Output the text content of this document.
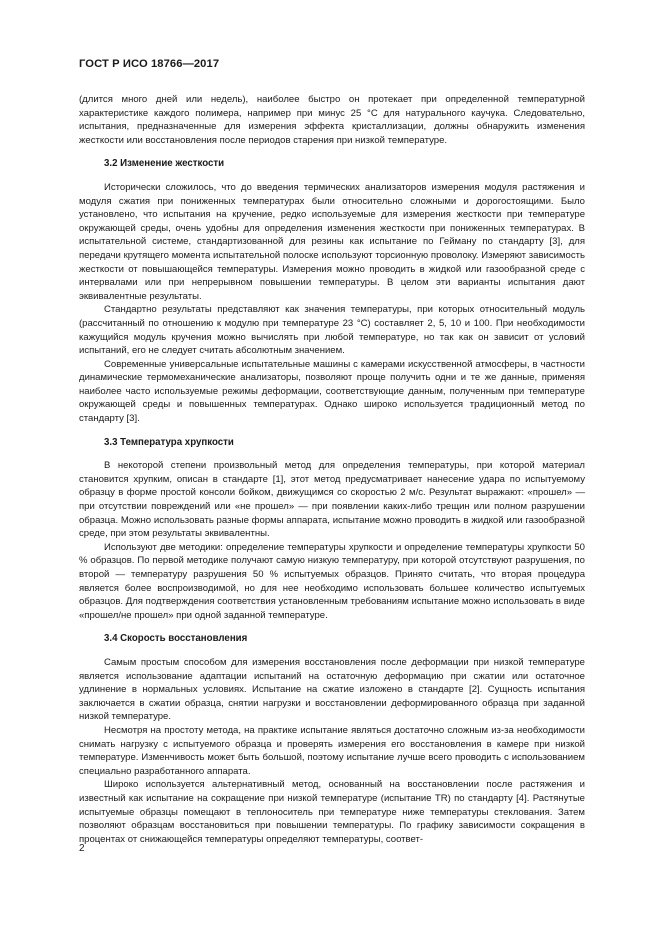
ГОСТ Р ИСО 18766—2017

(длится много дней или недель), наиболее быстро он протекает при определенной температурной характеристике каждого полимера, например при минус 25 °С для натурального каучука. Следовательно, испытания, предназначенные для измерения эффекта кристаллизации, должны обнаружить изменения жесткости или восстановления после периодов старения при низкой температуре.

3.2 Изменение жесткости

Исторически сложилось, что до введения термических анализаторов измерения модуля растяжения и модуля сжатия при пониженных температурах были относительно сложными и дорогостоящими. Было установлено, что испытания на кручение, редко используемые для измерения жесткости при температуре окружающей среды, очень удобны для определения изменения жесткости при пониженных температурах. В испытательной системе, стандартизованной для резины как испытание по Гейману по стандарту [3], для передачи крутящего момента испытательной полоске используют торсионную проволоку. Измеряют зависимость жесткости от повышающейся температуры. Измерения можно проводить в жидкой или газообразной среде с интервалами или при непрерывном повышении температуры. В целом эти варианты испытания дают эквивалентные результаты.

Стандартно результаты представляют как значения температуры, при которых относительный модуль (рассчитанный по отношению к модулю при температуре 23 °С) составляет 2, 5, 10 и 100. При необходимости кажущийся модуль кручения можно вычислять при любой температуре, но так как он зависит от условий испытаний, его не следует считать абсолютным значением.

Современные универсальные испытательные машины с камерами искусственной атмосферы, в частности динамические термомеханические анализаторы, позволяют проще получить одни и те же данные, применяя наиболее часто используемые режимы деформации, соответствующие данным, полученным при температуре окружающей среды и повышенных температурах. Однако широко используется традиционный метод по стандарту [3].

3.3 Температура хрупкости

В некоторой степени произвольный метод для определения температуры, при которой материал становится хрупким, описан в стандарте [1], этот метод предусматривает нанесение удара по испытуемому образцу в форме простой консоли бойком, движущимся со скоростью 2 м/с. Результат выражают: «прошел» — при отсутствии повреждений или «не прошел» — при появлении каких-либо трещин или полном разрушении образца. Можно использовать разные формы аппарата, испытание можно проводить в жидкой или газообразной среде, при этом результаты эквивалентны.

Используют две методики: определение температуры хрупкости и определение температуры хрупкости 50 % образцов. По первой методике получают самую низкую температуру, при которой отсутствуют разрушения, по второй — температуру разрушения 50 % испытуемых образцов. Принято считать, что вторая процедура является более воспроизводимой, но для нее необходимо использовать большее количество испытуемых образцов. Для подтверждения соответствия установленным требованиям испытание можно использовать в виде «прошел/не прошел» при одной заданной температуре.

3.4 Скорость восстановления

Самым простым способом для измерения восстановления после деформации при низкой температуре является использование адаптации испытаний на остаточную деформацию при сжатии или остаточное удлинение в нормальных условиях. Испытание на сжатие изложено в стандарте [2]. Сущность испытания заключается в сжатии образца, снятии нагрузки и восстановлении деформированного образца при заданной низкой температуре.

Несмотря на простоту метода, на практике испытание являться достаточно сложным из-за необходимости снимать нагрузку с испытуемого образца и проверять измерения его восстановления в камере при низкой температуре. Изменчивость может быть большой, поэтому испытание лучше всего проводить с использованием специально разработанного аппарата.

Широко используется альтернативный метод, основанный на восстановлении после растяжения и известный как испытание на сокращение при низкой температуре (испытание TR) по стандарту [4]. Растянутые испытуемые образцы помещают в теплоноситель при температуре ниже температуры стеклования. Затем позволяют образцам восстановиться при повышении температуры. По графику зависимости сокращения в процентах от снижающейся температуры определяют температуры, соответ-

2
